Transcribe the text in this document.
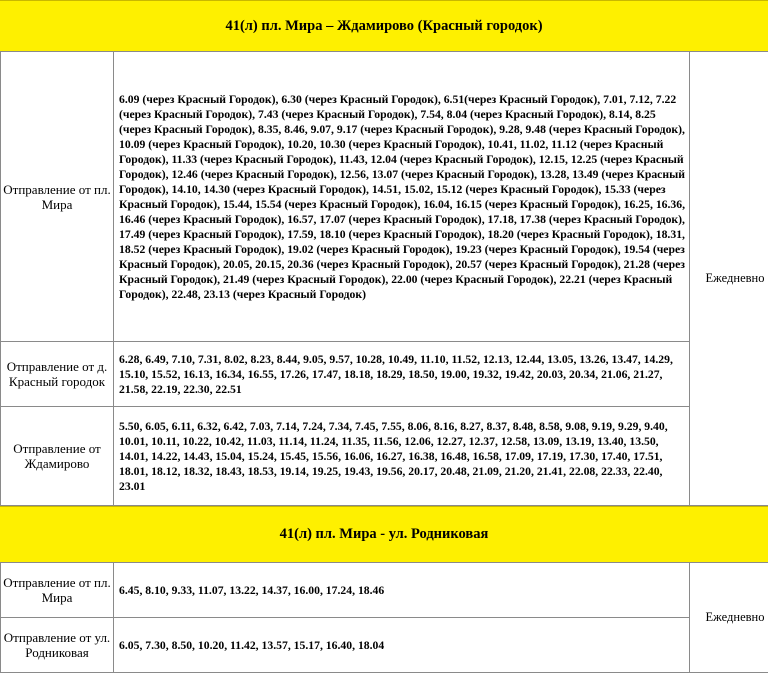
41(л) пл. Мира – Ждамирово (Красный городок)
Отправление от пл. Мира	6.09 (через Красный Городок), 6.30 (через Красный Городок), 6.51(через Красный Городок), 7.01, 7.12, 7.22 (через Красный Городок), 7.43 (через Красный Городок), 7.54, 8.04 (через Красный Городок), 8.14, 8.25 (через Красный Городок), 8.35, 8.46, 9.07, 9.17 (через Красный Городок), 9.28, 9.48 (через Красный Городок), 10.09 (через Красный Городок), 10.20, 10.30 (через Красный Городок), 10.41, 11.02, 11.12 (через Красный Городок), 11.33 (через Красный Городок), 11.43, 12.04 (через Красный Городок), 12.15, 12.25 (через Красный Городок), 12.46 (через Красный Городок), 12.56, 13.07 (через Красный Городок), 13.28, 13.49 (через Красный Городок), 14.10, 14.30 (через Красный Городок), 14.51, 15.02, 15.12 (через Красный Городок), 15.33 (через Красный Городок), 15.44, 15.54 (через Красный Городок), 16.04, 16.15 (через Красный Городок), 16.25, 16.36, 16.46 (через Красный Городок), 16.57, 17.07 (через Красный Городок), 17.18, 17.38 (через Красный Городок), 17.49 (через Красный Городок), 17.59, 18.10 (через Красный Городок), 18.20 (через Красный Городок), 18.31, 18.52 (через Красный Городок), 19.02 (через Красный Городок), 19.23 (через Красный Городок), 19.54 (через Красный Городок), 20.05, 20.15, 20.36 (через Красный Городок), 20.57 (через Красный Городок), 21.28 (через Красный Городок), 21.49 (через Красный Городок), 22.00 (через Красный Городок), 22.21 (через Красный Городок), 22.48, 23.13 (через Красный Городок)	Ежедневно
Отправление от д. Красный городок	6.28, 6.49, 7.10, 7.31, 8.02, 8.23, 8.44, 9.05, 9.57, 10.28, 10.49, 11.10, 11.52, 12.13, 12.44, 13.05, 13.26, 13.47, 14.29, 15.10, 15.52, 16.13, 16.34, 16.55, 17.26, 17.47, 18.18, 18.29, 18.50, 19.00, 19.32, 19.42, 20.03, 20.34, 21.06, 21.27, 21.58, 22.19, 22.30, 22.51	
Отправление от Ждамирово	5.50, 6.05, 6.11, 6.32, 6.42, 7.03, 7.14, 7.24, 7.34, 7.45, 7.55, 8.06, 8.16, 8.27, 8.37, 8.48, 8.58, 9.08, 9.19, 9.29, 9.40, 10.01, 10.11, 10.22, 10.42, 11.03, 11.14, 11.24, 11.35, 11.56, 12.06, 12.27, 12.37, 12.58, 13.09, 13.19, 13.40, 13.50, 14.01, 14.22, 14.43, 15.04, 15.24, 15.45, 15.56, 16.06, 16.27, 16.38, 16.48, 16.58, 17.09, 17.19, 17.30, 17.40, 17.51, 18.01, 18.12, 18.32, 18.43, 18.53, 19.14, 19.25, 19.43, 19.56, 20.17, 20.48, 21.09, 21.20, 21.41, 22.08, 22.33, 22.40, 23.01	
41(л) пл. Мира - ул. Родниковая
Отправление от пл. Мира	6.45, 8.10, 9.33, 11.07, 13.22, 14.37, 16.00, 17.24, 18.46	Ежедневно
Отправление от ул. Родниковая	6.05, 7.30, 8.50, 10.20, 11.42, 13.57, 15.17, 16.40, 18.04	
